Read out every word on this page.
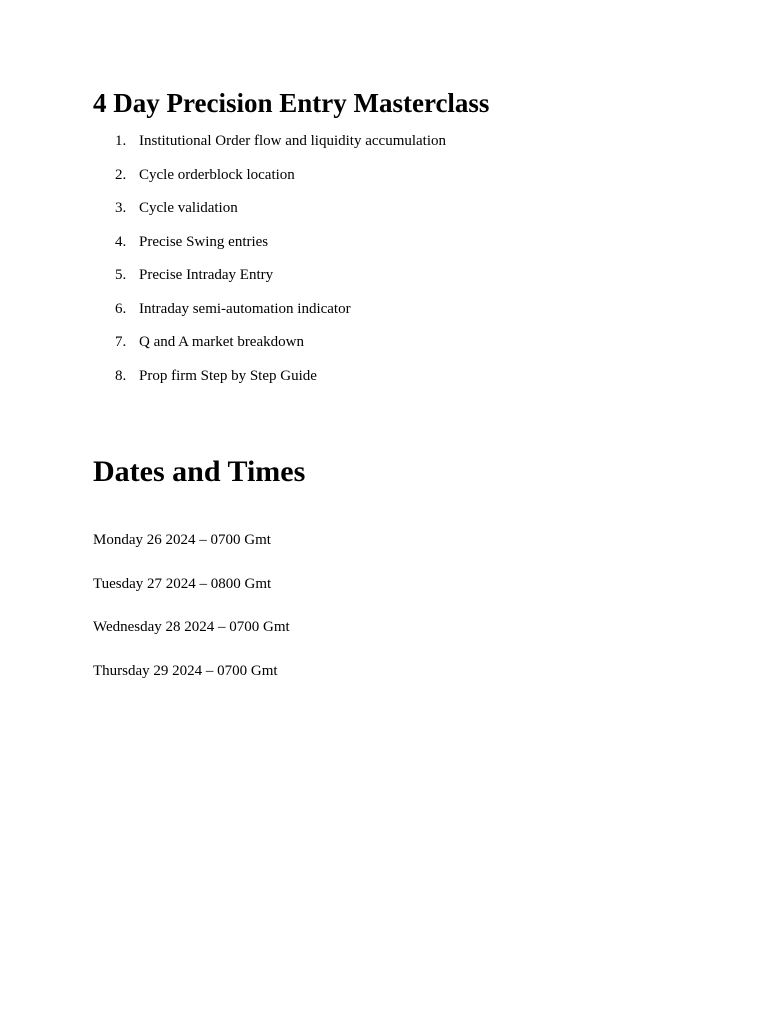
4 Day Precision Entry Masterclass
1. Institutional Order flow and liquidity accumulation
2. Cycle orderblock location
3. Cycle validation
4. Precise Swing entries
5. Precise Intraday Entry
6. Intraday semi-automation indicator
7. Q and A market breakdown
8. Prop firm Step by Step Guide
Dates and Times
Monday 26 2024 – 0700 Gmt
Tuesday 27 2024 – 0800 Gmt
Wednesday 28 2024 – 0700 Gmt
Thursday 29 2024 – 0700 Gmt
